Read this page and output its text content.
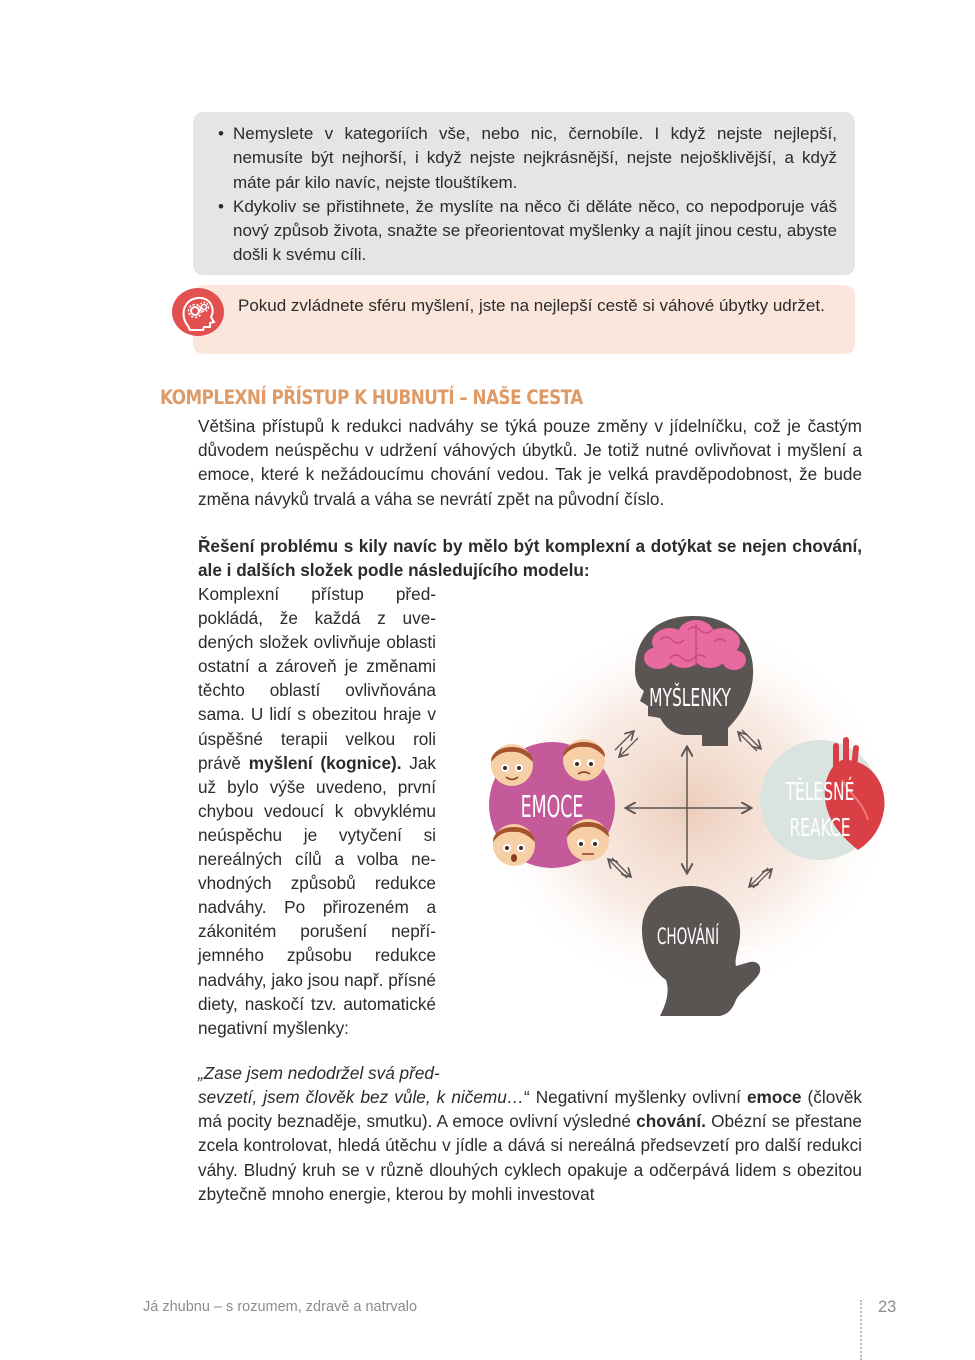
• Nemyslete v kategoriích vše, nebo nic, černobíle. I když nejste nejlepší, nemusíte být nejhorší, i když nejste nejkrásnější, nejste nejošklivější, a když máte pár kilo navíc, nejste tlouštíkem.
• Kdykoliv se přistihnete, že myslíte na něco či děláte něco, co nepodporuje váš nový způsob života, snažte se přeorientovat myšlenky a najít jinou cestu, abyste došli k svému cíli.
Pokud zvládnete sféru myšlení, jste na nejlepší cestě si váhové úbytky udržet.
KOMPLEXNÍ PŘÍSTUP K HUBNUTÍ – NAŠE CESTA

Většina přístupů k redukci nadváhy se týká pouze změny v jídelníčku, což je častým důvodem neúspěchu v udržení váhových úbytků. Je totiž nutné ovlivňovat i myšlení a emoce, které k nežádoucímu chování vedou. Tak je velká pravděpodobnost, že bude změna návyků trvalá a váha se nevrátí zpět na původní číslo.

Řešení problému s kily navíc by mělo být komplexní a dotýkat se nejen chování, ale i dalších složek podle následujícího modelu:

Komplexní přístup předpokládá, že každá z uvedených složek ovlivňuje oblasti ostatní a zároveň je změnami těchto oblastí ovlivňována sama. U lidí s obezitou hraje v úspěšné terapii velkou roli právě myšlení (kognice). Jak už bylo výše uvedeno, první chybou vedoucí k obvyklému neúspěchu je vytyčení si nereálných cílů a volba nevhodných způsobů redukce nadváhy. Po přirozeném a zákonitém porušení nepříjemného způsobu redukce nadváhy, jako jsou např. přísné diety, naskočí tzv. automatické negativní myšlenky:

„Zase jsem nedodržel svá před-

sevzetí, jsem člověk bez vůle, k ničemu…“ Negativní myšlenky ovlivní emoce (člověk má pocity beznaděje, smutku). A emoce ovlivní výsledné chování. Obézní se přestane zcela kontrolovat, hledá útěchu v jídle a dává si nereálná předsevzetí pro další redukci váhy. Bludný kruh se v různě dlouhých cyklech opakuje a odčerpává lidem s obezitou zbytečně mnoho energie, kterou by mohli investovat

MYŠLENKY
EMOCE	TĚLESNÉ
REAKCE
CHOVÁNÍ
Já zhubnu – s rozumem, zdravě a natrvalo	23
